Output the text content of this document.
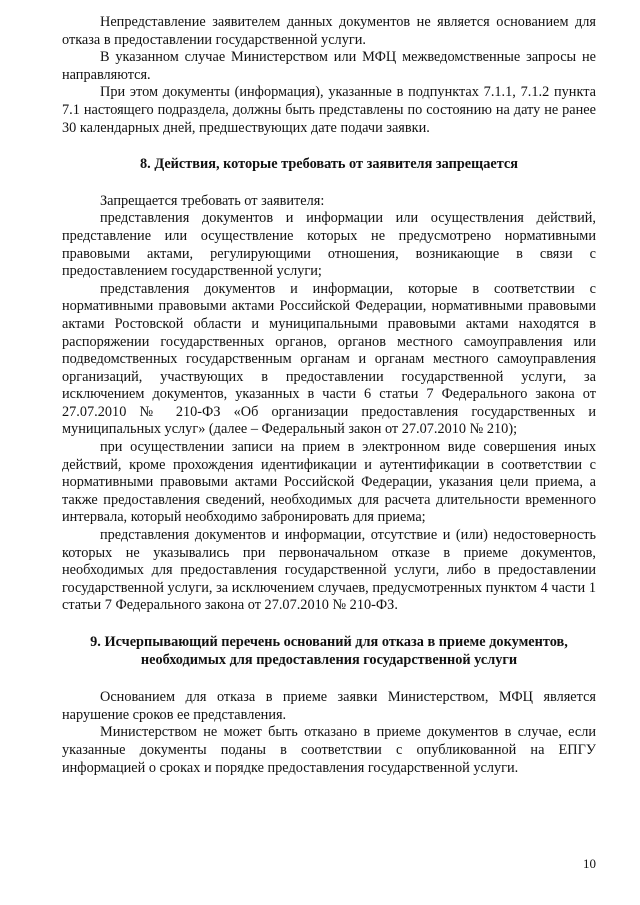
Непредставление заявителем данных документов не является основанием для отказа в предоставлении государственной услуги.

В указанном случае Министерством или МФЦ межведомственные запросы не направляются.

При этом документы (информация), указанные в подпунктах 7.1.1, 7.1.2 пункта 7.1 настоящего подраздела, должны быть представлены по состоянию на дату не ранее 30 календарных дней, предшествующих дате подачи заявки.

8. Действия, которые требовать от заявителя запрещается

Запрещается требовать от заявителя:

представления документов и информации или осуществления действий, представление или осуществление которых не предусмотрено нормативными правовыми актами, регулирующими отношения, возникающие в связи с предоставлением государственной услуги;

представления документов и информации, которые в соответствии с нормативными правовыми актами Российской Федерации, нормативными правовыми актами Ростовской области и муниципальными правовыми актами находятся в распоряжении государственных органов, органов местного самоуправления или подведомственных государственным органам и органам местного самоуправления организаций, участвующих в предоставлении государственной услуги, за исключением документов, указанных в части 6 статьи 7 Федерального закона от 27.07.2010 № 210-ФЗ «Об организации предоставления государственных и муниципальных услуг» (далее – Федеральный закон от 27.07.2010 № 210);

при осуществлении записи на прием в электронном виде совершения иных действий, кроме прохождения идентификации и аутентификации в соответствии с нормативными правовыми актами Российской Федерации, указания цели приема, а также предоставления сведений, необходимых для расчета длительности временного интервала, который необходимо забронировать для приема;

представления документов и информации, отсутствие и (или) недостоверность которых не указывались при первоначальном отказе в приеме документов, необходимых для предоставления государственной услуги, либо в предоставлении государственной услуги, за исключением случаев, предусмотренных пунктом 4 части 1 статьи 7 Федерального закона от 27.07.2010 № 210-ФЗ.

9. Исчерпывающий перечень оснований для отказа в приеме документов, необходимых для предоставления государственной услуги

Основанием для отказа в приеме заявки Министерством, МФЦ является нарушение сроков ее представления.

Министерством не может быть отказано в приеме документов в случае, если указанные документы поданы в соответствии с опубликованной на ЕПГУ информацией о сроках и порядке предоставления государственной услуги.

10
